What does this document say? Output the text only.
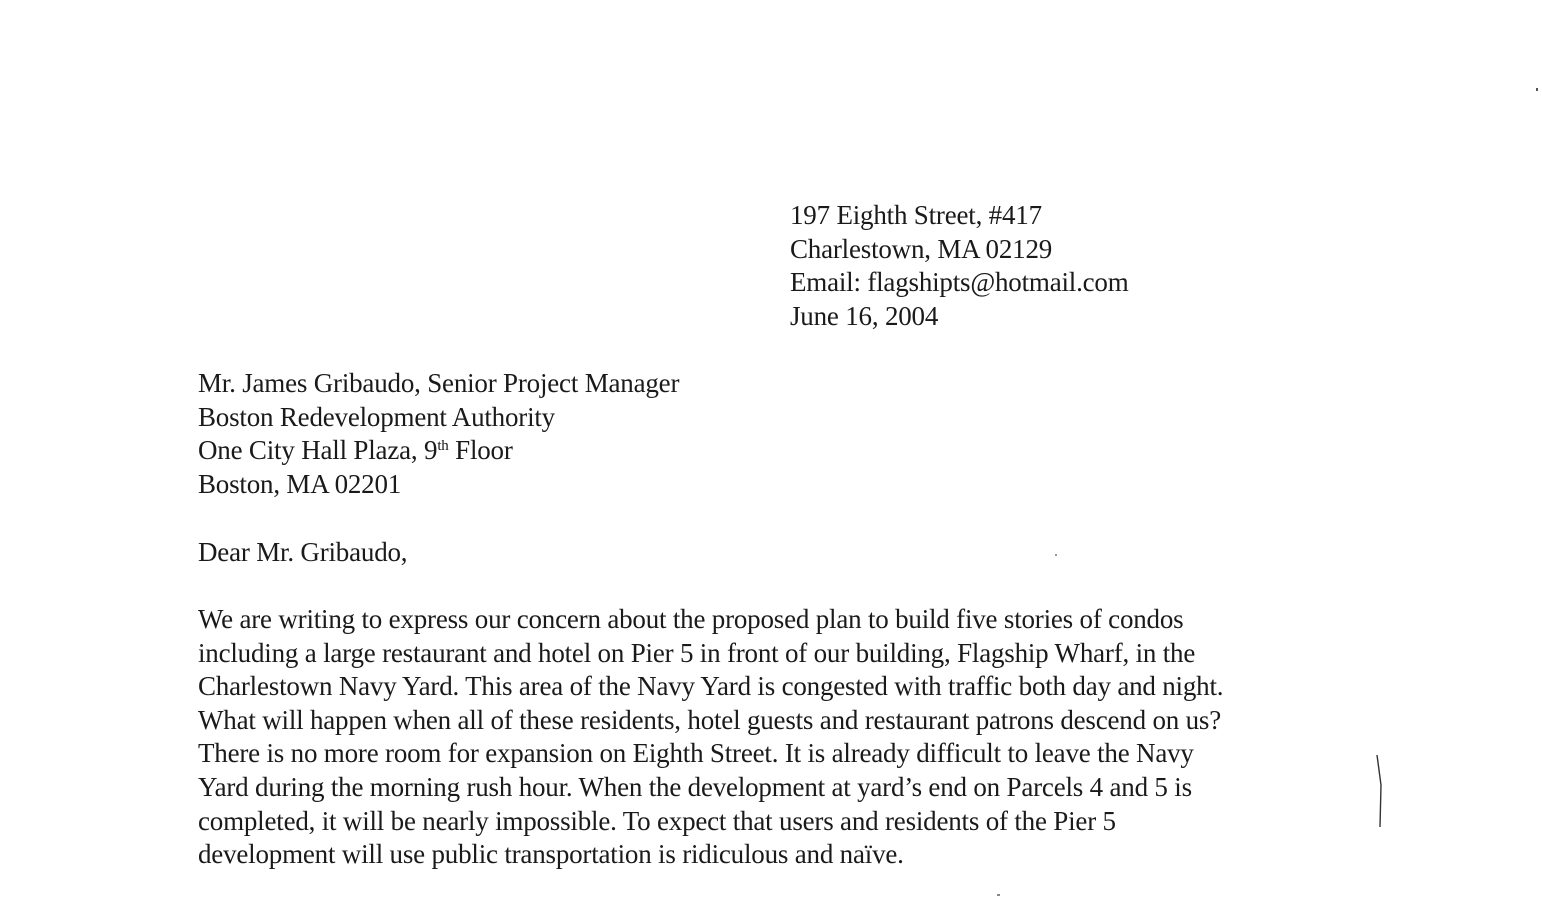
197 Eighth Street, #417
Charlestown, MA 02129
Email: flagshipts@hotmail.com
June 16, 2004
Mr. James Gribaudo, Senior Project Manager
Boston Redevelopment Authority
One City Hall Plaza, 9th Floor
Boston, MA 02201
Dear Mr. Gribaudo,
We are writing to express our concern about the proposed plan to build five stories of condos
including a large restaurant and hotel on Pier 5 in front of our building, Flagship Wharf, in the
Charlestown Navy Yard. This area of the Navy Yard is congested with traffic both day and night.
What will happen when all of these residents, hotel guests and restaurant patrons descend on us?
There is no more room for expansion on Eighth Street. It is already difficult to leave the Navy
Yard during the morning rush hour. When the development at yard’s end on Parcels 4 and 5 is
completed, it will be nearly impossible. To expect that users and residents of the Pier 5
development will use public transportation is ridiculous and naïve.
